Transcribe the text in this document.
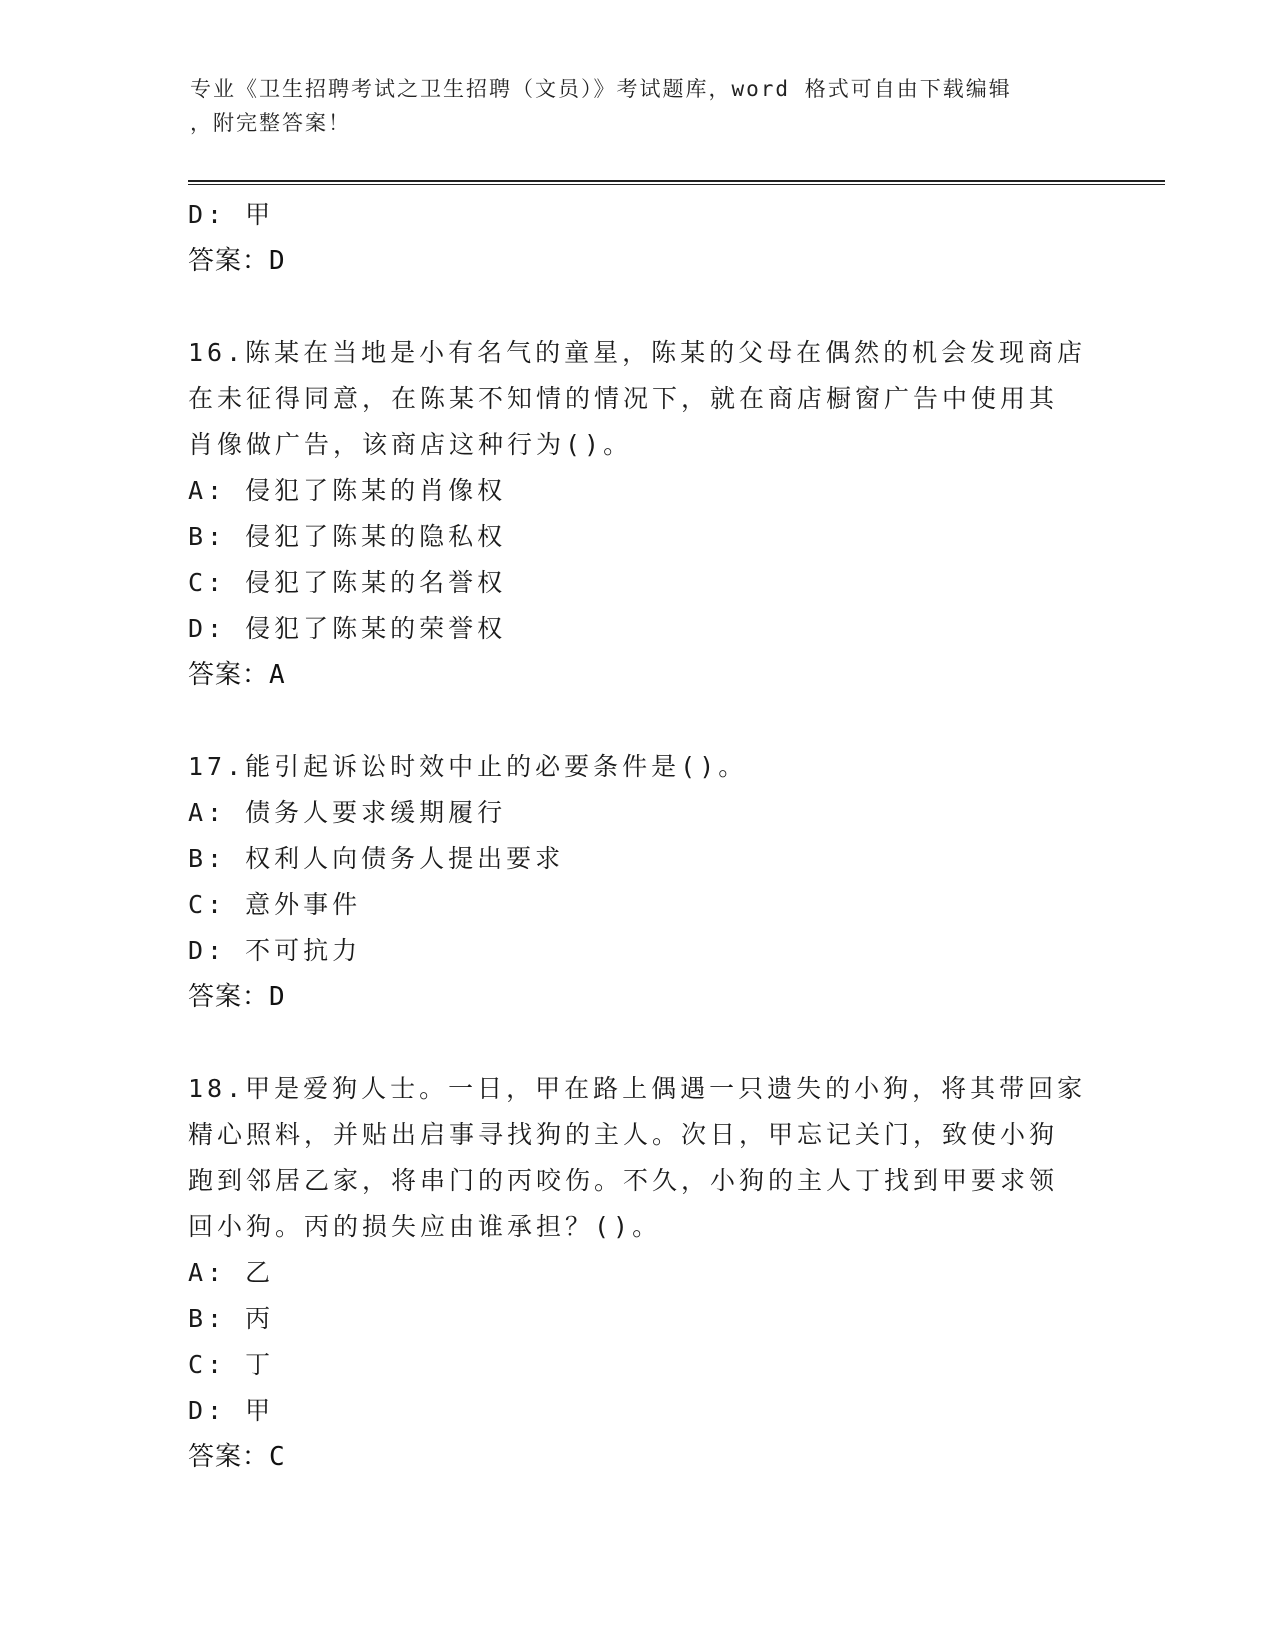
专业《卫生招聘考试之卫生招聘（文员）》考试题库，word 格式可自由下载编辑
，附完整答案！
D: 甲
答案：D
16.陈某在当地是小有名气的童星，陈某的父母在偶然的机会发现商店
在未征得同意，在陈某不知情的情况下，就在商店橱窗广告中使用其
肖像做广告，该商店这种行为()。
A: 侵犯了陈某的肖像权
B: 侵犯了陈某的隐私权
C: 侵犯了陈某的名誉权
D: 侵犯了陈某的荣誉权
答案：A
17.能引起诉讼时效中止的必要条件是()。
A: 债务人要求缓期履行
B: 权利人向债务人提出要求
C: 意外事件
D: 不可抗力
答案：D
18.甲是爱狗人士。一日，甲在路上偶遇一只遗失的小狗，将其带回家
精心照料，并贴出启事寻找狗的主人。次日，甲忘记关门，致使小狗
跑到邻居乙家，将串门的丙咬伤。不久，小狗的主人丁找到甲要求领
回小狗。丙的损失应由谁承担？()。
A: 乙
B: 丙
C: 丁
D: 甲
答案：C
